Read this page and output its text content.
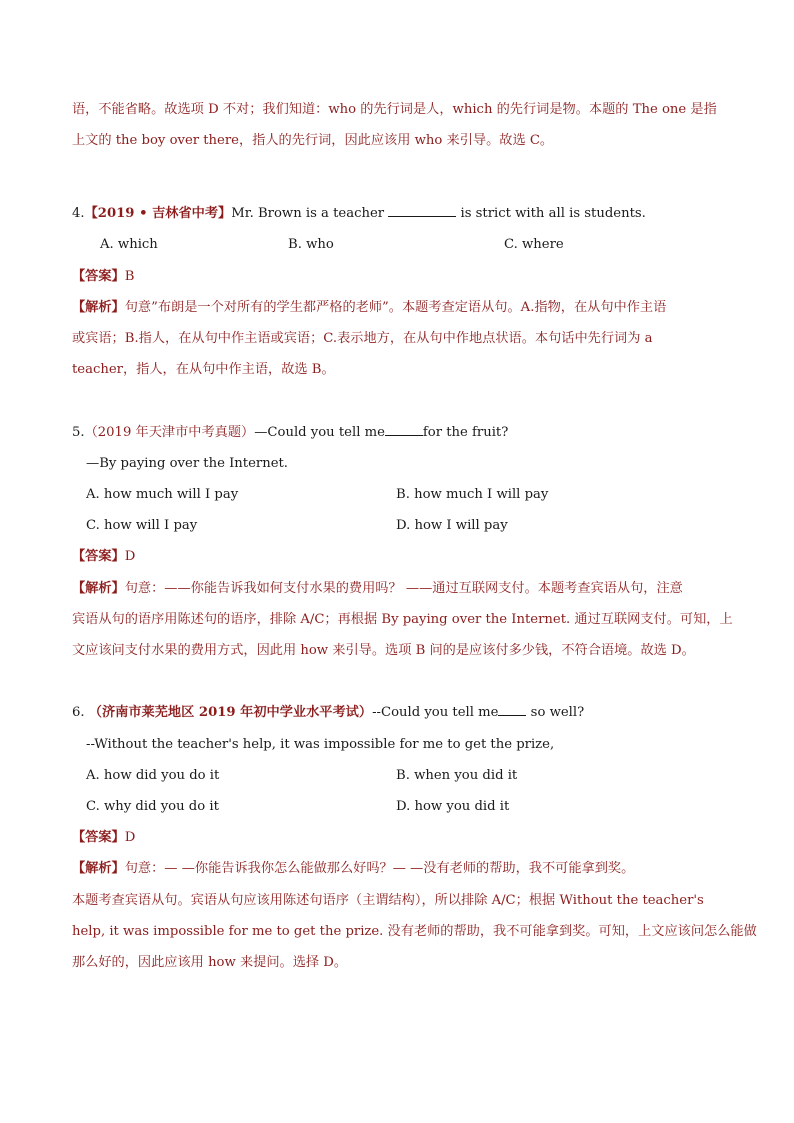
语，不能省略。故选项 D 不对；我们知道：who 的先行词是人，which 的先行词是物。本题的 The one 是指
上文的 the boy over there，指人的先行词，因此应该用 who 来引导。故选 C。
4.【2019 • 吉林省中考】Mr. Brown is a teacher	is strict with all is students.
A. which	B. who	C. where
【答案】B
【解析】句意”布朗是一个对所有的学生都严格的老师”。本题考查定语从句。A.指物，在从句中作主语
或宾语；B.指人，在从句中作主语或宾语；C.表示地方，在从句中作地点状语。本句话中先行词为 a
teacher，指人，在从句中作主语，故选 B。
5.（2019 年天津市中考真题）—Could you tell me	for the fruit?
—By paying over the Internet.
A. how much will I pay	B. how much I will pay
C. how will I pay	D. how I will pay
【答案】D
【解析】句意：——你能告诉我如何支付水果的费用吗？ ——通过互联网支付。本题考查宾语从句，注意
宾语从句的语序用陈述句的语序，排除 A/C；再根据 By paying over the Internet. 通过互联网支付。可知，上
文应该问支付水果的费用方式，因此用 how 来引导。选项 B 问的是应该付多少钱，不符合语境。故选 D。
6. （济南市莱芜地区 2019 年初中学业水平考试）--Could you tell me so well?
--Without the teacher's help, it was impossible for me to get the prize,
A. how did you do it	B. when you did it
C. why did you do it	D. how you did it
【答案】D
【解析】句意：— —你能告诉我你怎么能做那么好吗？— —没有老师的帮助，我不可能拿到奖。
本题考查宾语从句。宾语从句应该用陈述句语序（主谓结构），所以排除 A/C；根据 Without the teacher's
help, it was impossible for me to get the prize. 没有老师的帮助，我不可能拿到奖。可知，上文应该问怎么能做
那么好的，因此应该用 how 来提问。选择 D。
